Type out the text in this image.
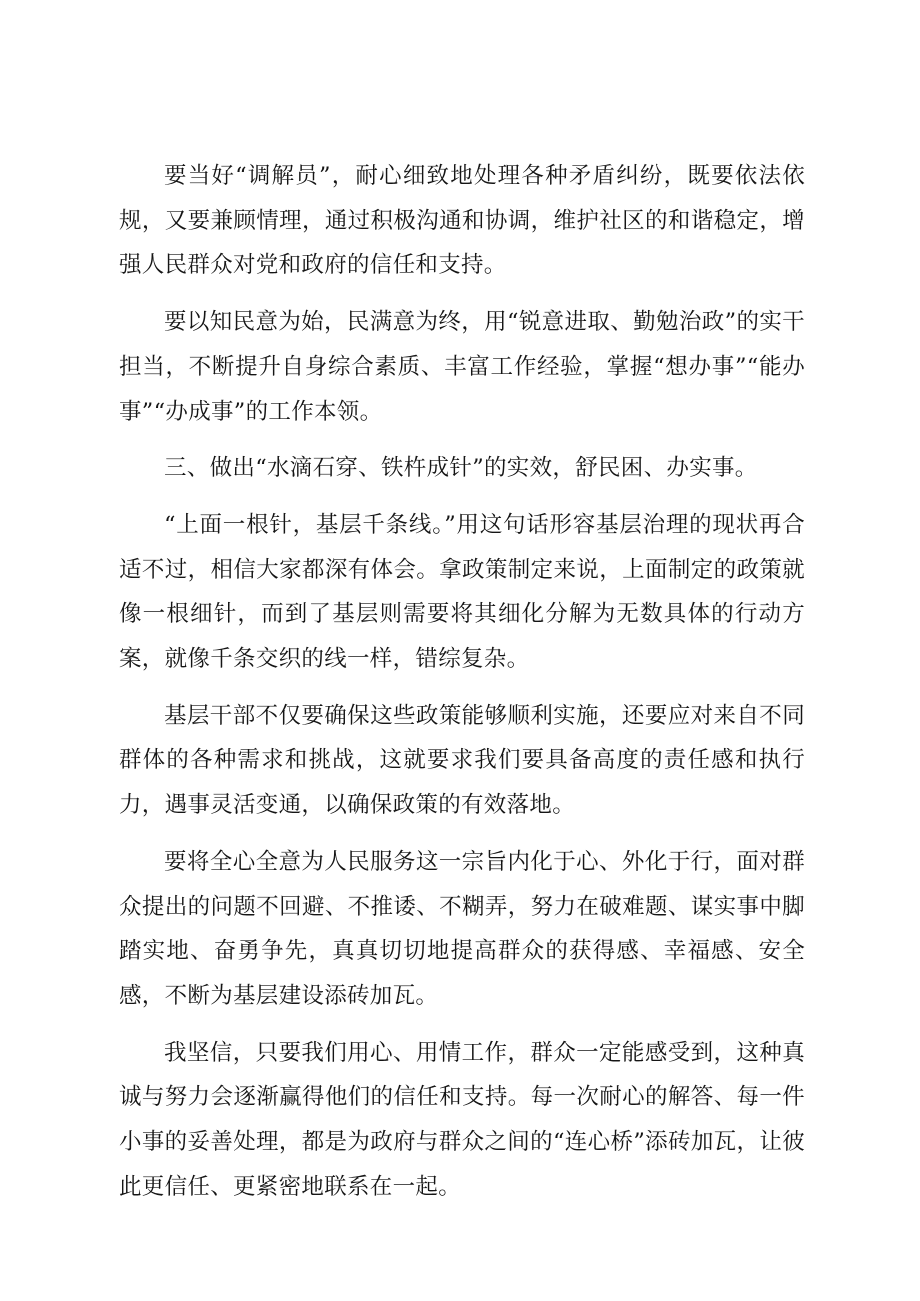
要当好“调解员”，耐心细致地处理各种矛盾纠纷，既要依法依规，又要兼顾情理，通过积极沟通和协调，维护社区的和谐稳定，增强人民群众对党和政府的信任和支持。

要以知民意为始，民满意为终，用“锐意进取、勤勉治政”的实干担当，不断提升自身综合素质、丰富工作经验，掌握“想办事”“能办事”“办成事”的工作本领。

三、做出“水滴石穿、铁杵成针”的实效，舒民困、办实事。

“上面一根针，基层千条线。”用这句话形容基层治理的现状再合适不过，相信大家都深有体会。拿政策制定来说，上面制定的政策就像一根细针，而到了基层则需要将其细化分解为无数具体的行动方案，就像千条交织的线一样，错综复杂。

基层干部不仅要确保这些政策能够顺利实施，还要应对来自不同群体的各种需求和挑战，这就要求我们要具备高度的责任感和执行力，遇事灵活变通，以确保政策的有效落地。

要将全心全意为人民服务这一宗旨内化于心、外化于行，面对群众提出的问题不回避、不推诿、不糊弄，努力在破难题、谋实事中脚踏实地、奋勇争先，真真切切地提高群众的获得感、幸福感、安全感，不断为基层建设添砖加瓦。

我坚信，只要我们用心、用情工作，群众一定能感受到，这种真诚与努力会逐渐赢得他们的信任和支持。每一次耐心的解答、每一件小事的妥善处理，都是为政府与群众之间的“连心桥”添砖加瓦，让彼此更信任、更紧密地联系在一起。
